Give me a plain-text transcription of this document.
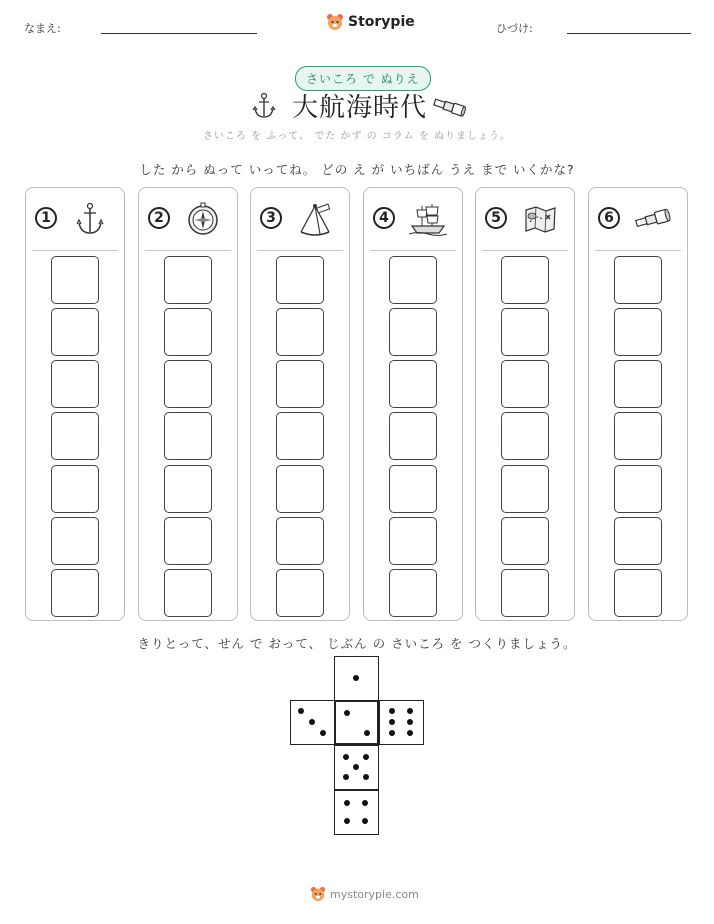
なまえ:	Storypie	ひづけ:
さいころ で ぬりえ
大航海時代
さいころ を ふって、 でた かず の コラム を ぬりましょう。
した から ぬって いってね。 どの え が いちばん うえ まで いくかな?
1	2	3	4	5	6
きりとって、せん で おって、 じぶん の さいころ を つくりましょう。
mystorypie.com
